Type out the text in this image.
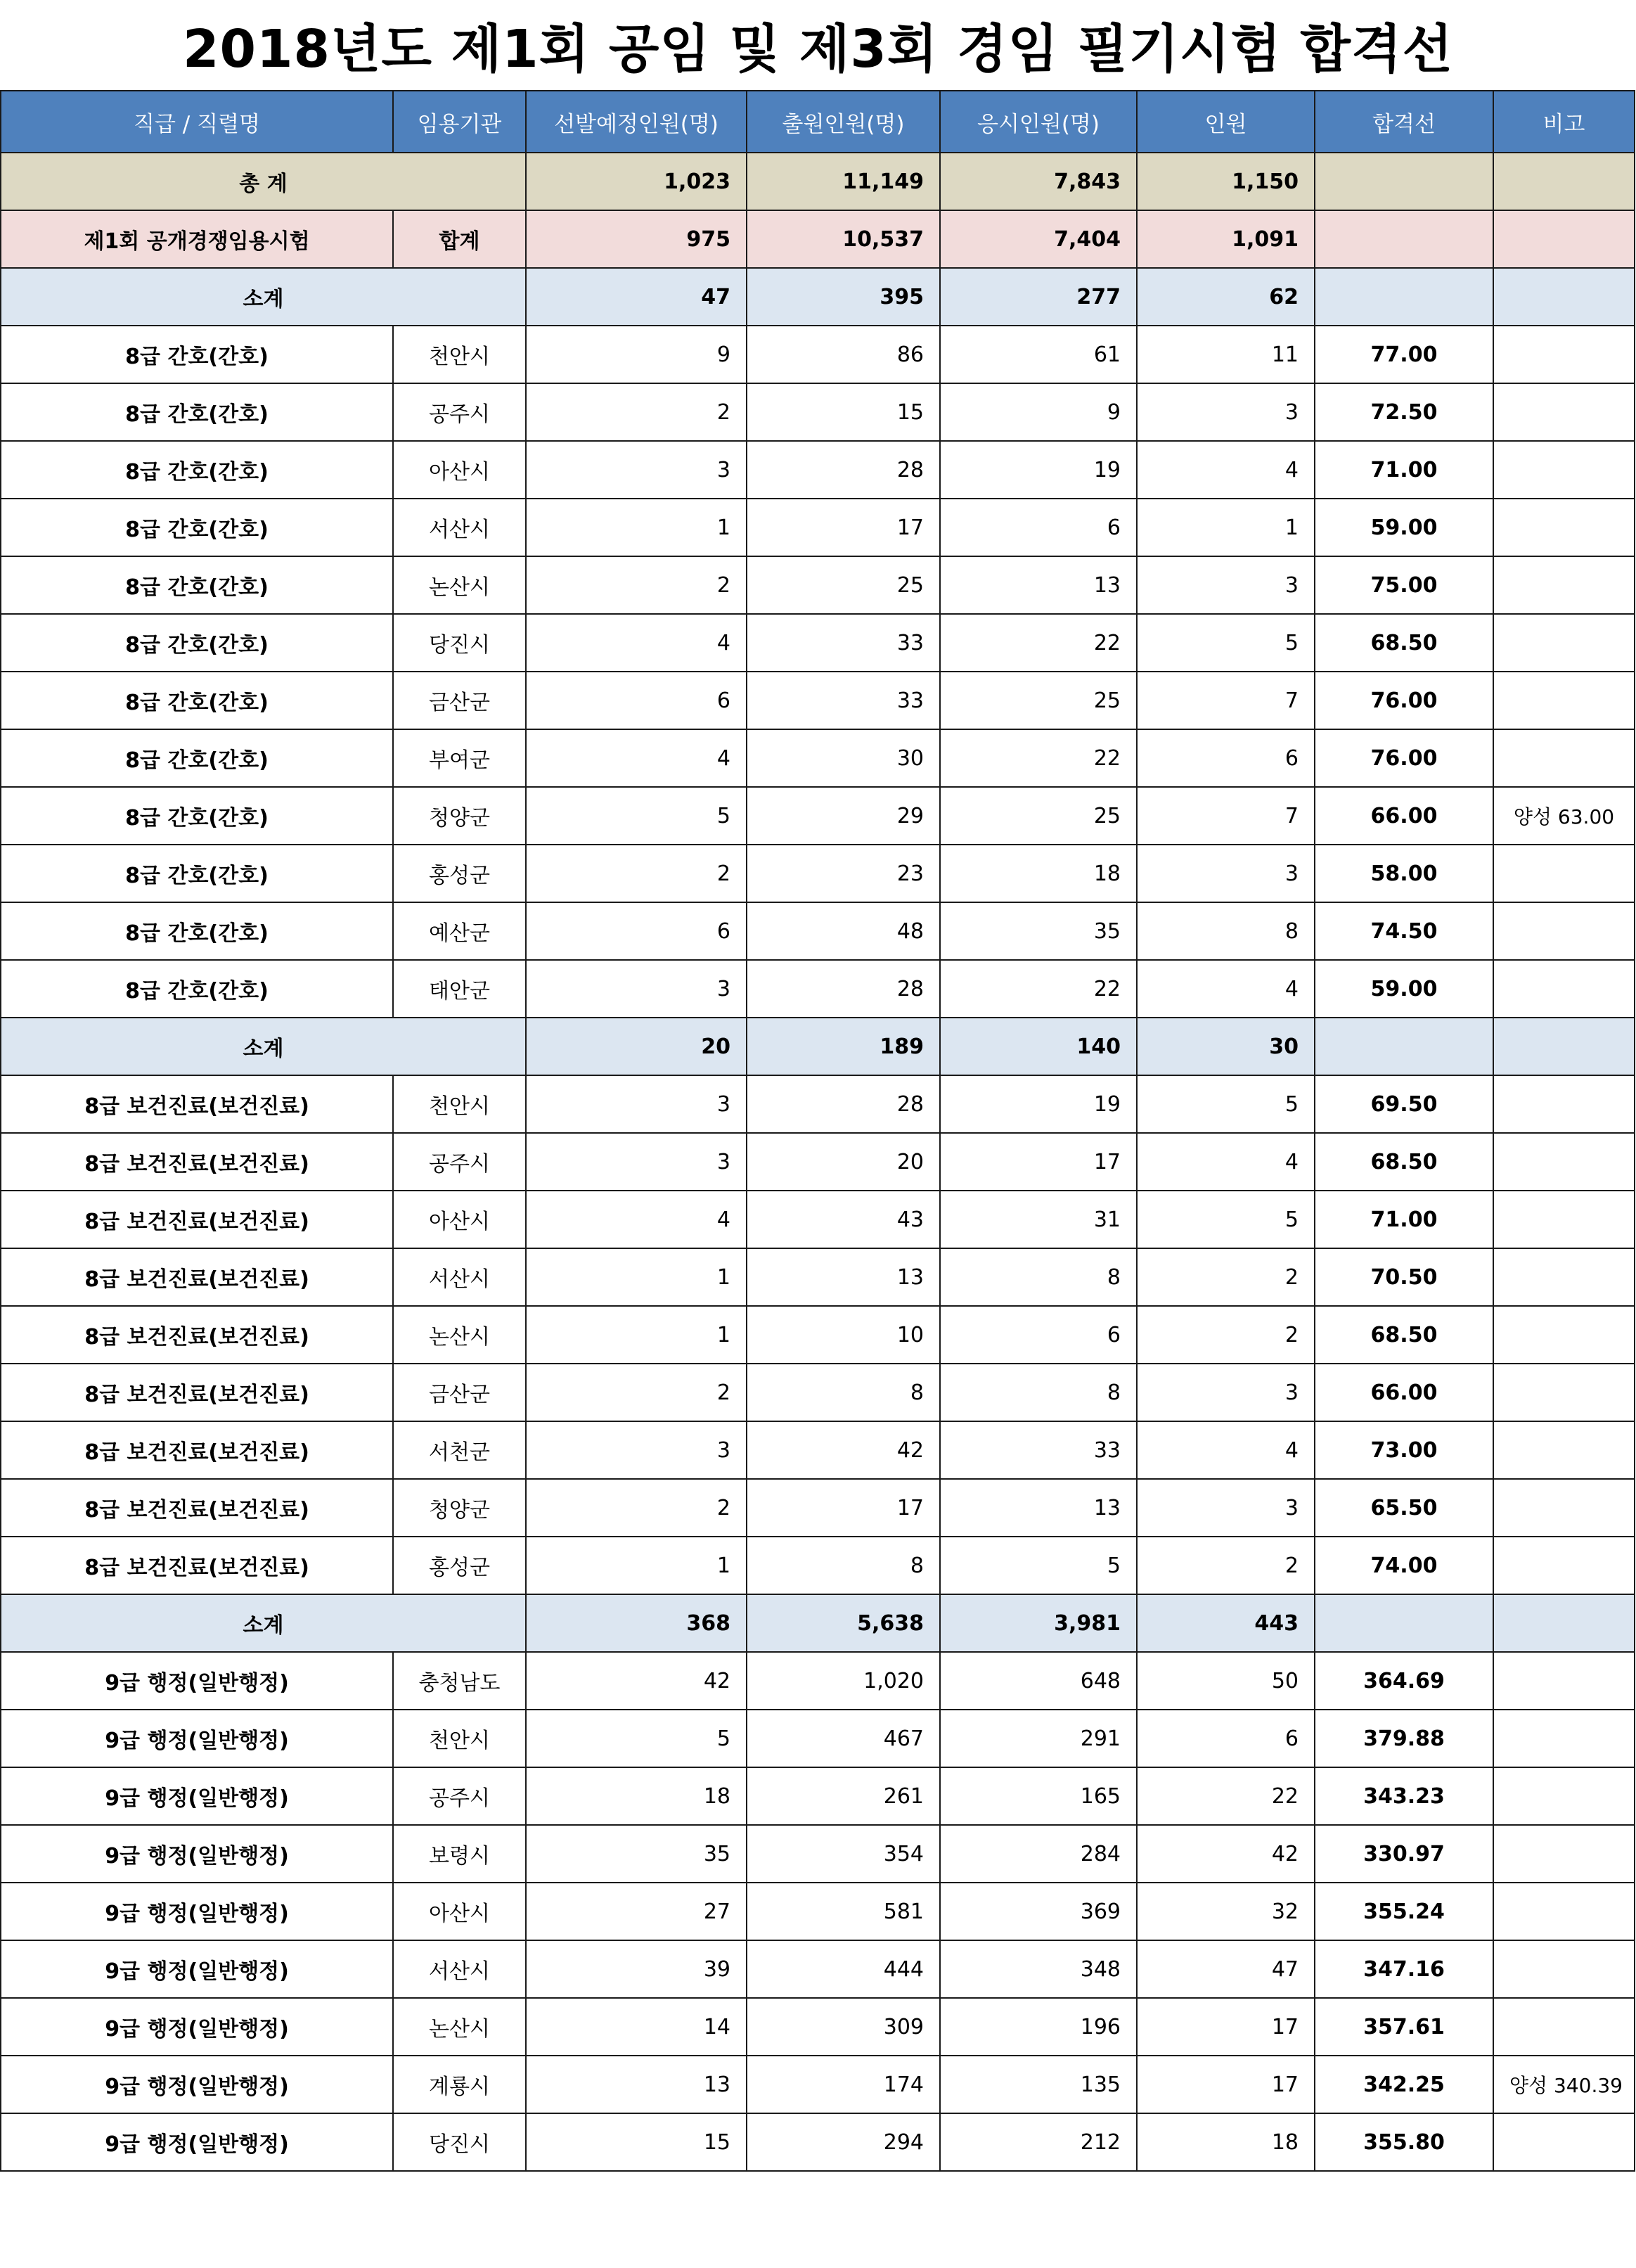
2018년도 제1회 공임 및 제3회 경임 필기시험 합격선
직급 / 직렬명	임용기관	선발예정인원(명)	출원인원(명)	응시인원(명)	인원	합격선	비고
총 계		1,023	11,149	7,843	1,150		
제1회 공개경쟁임용시험	합계	975	10,537	7,404	1,091		
소계		47	395	277	62		
8급 간호(간호)	천안시	9	86	61	11	77.00	
8급 간호(간호)	공주시	2	15	9	3	72.50	
8급 간호(간호)	아산시	3	28	19	4	71.00	
8급 간호(간호)	서산시	1	17	6	1	59.00	
8급 간호(간호)	논산시	2	25	13	3	75.00	
8급 간호(간호)	당진시	4	33	22	5	68.50	
8급 간호(간호)	금산군	6	33	25	7	76.00	
8급 간호(간호)	부여군	4	30	22	6	76.00	
8급 간호(간호)	청양군	5	29	25	7	66.00	양성 63.00
8급 간호(간호)	홍성군	2	23	18	3	58.00	
8급 간호(간호)	예산군	6	48	35	8	74.50	
8급 간호(간호)	태안군	3	28	22	4	59.00	
소계		20	189	140	30		
8급 보건진료(보건진료)	천안시	3	28	19	5	69.50	
8급 보건진료(보건진료)	공주시	3	20	17	4	68.50	
8급 보건진료(보건진료)	아산시	4	43	31	5	71.00	
8급 보건진료(보건진료)	서산시	1	13	8	2	70.50	
8급 보건진료(보건진료)	논산시	1	10	6	2	68.50	
8급 보건진료(보건진료)	금산군	2	8	8	3	66.00	
8급 보건진료(보건진료)	서천군	3	42	33	4	73.00	
8급 보건진료(보건진료)	청양군	2	17	13	3	65.50	
8급 보건진료(보건진료)	홍성군	1	8	5	2	74.00	
소계		368	5,638	3,981	443		
9급 행정(일반행정)	충청남도	42	1,020	648	50	364.69	
9급 행정(일반행정)	천안시	5	467	291	6	379.88	
9급 행정(일반행정)	공주시	18	261	165	22	343.23	
9급 행정(일반행정)	보령시	35	354	284	42	330.97	
9급 행정(일반행정)	아산시	27	581	369	32	355.24	
9급 행정(일반행정)	서산시	39	444	348	47	347.16	
9급 행정(일반행정)	논산시	14	309	196	17	357.61	
9급 행정(일반행정)	계룡시	13	174	135	17	342.25	양성 340.39
9급 행정(일반행정)	당진시	15	294	212	18	355.80	
